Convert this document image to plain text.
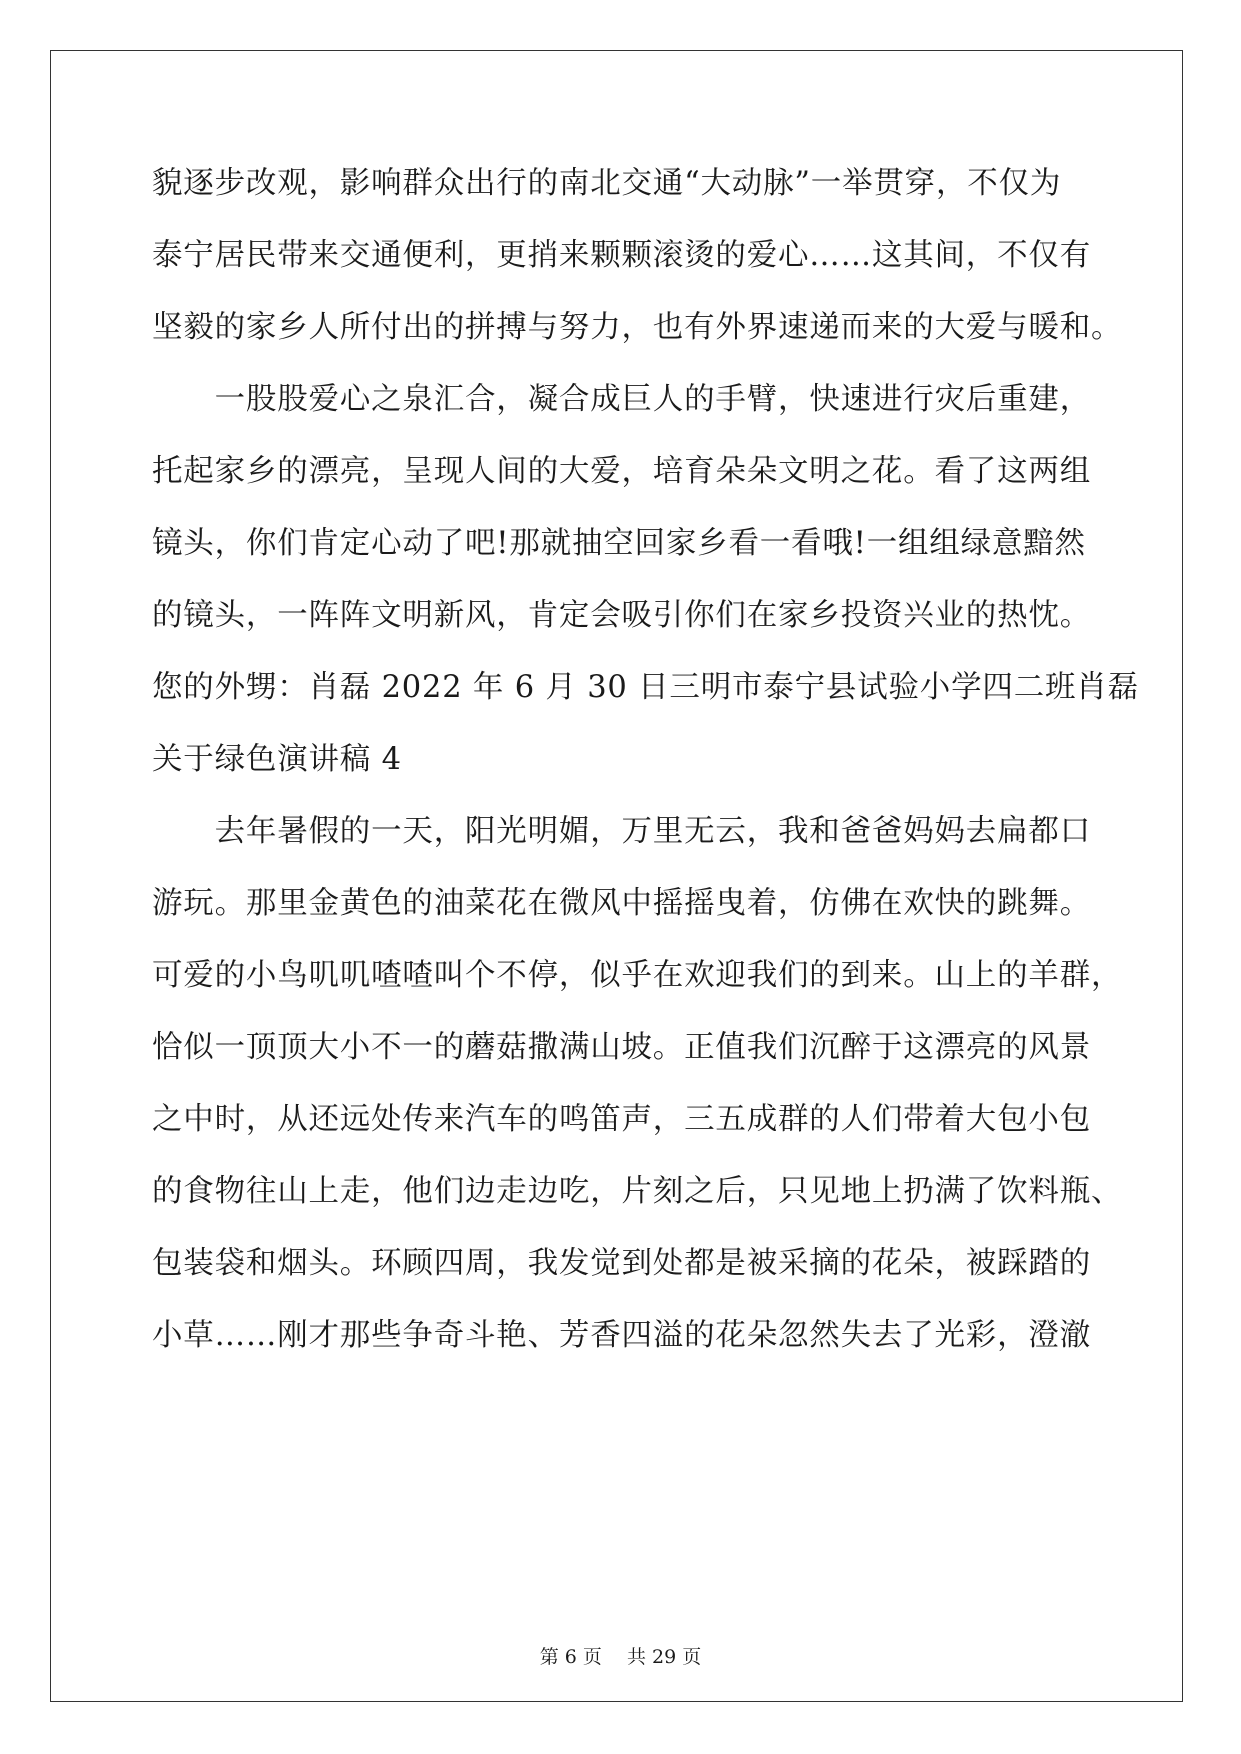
貌逐步改观，影响群众出行的南北交通“大动脉”一举贯穿，不仅为
泰宁居民带来交通便利，更捎来颗颗滚烫的爱心……这其间，不仅有
坚毅的家乡人所付出的拼搏与努力，也有外界速递而来的大爱与暖和。
　　一股股爱心之泉汇合，凝合成巨人的手臂，快速进行灾后重建，
托起家乡的漂亮，呈现人间的大爱，培育朵朵文明之花。看了这两组
镜头，你们肯定心动了吧!那就抽空回家乡看一看哦!一组组绿意黯然
的镜头，一阵阵文明新风，肯定会吸引你们在家乡投资兴业的热忱。
您的外甥：肖磊 2022 年 6 月 30 日三明市泰宁县试验小学四二班肖磊
关于绿色演讲稿 4
　　去年暑假的一天，阳光明媚，万里无云，我和爸爸妈妈去扁都口
游玩。那里金黄色的油菜花在微风中摇摇曳着，仿佛在欢快的跳舞。
可爱的小鸟叽叽喳喳叫个不停，似乎在欢迎我们的到来。山上的羊群，
恰似一顶顶大小不一的蘑菇撒满山坡。正值我们沉醉于这漂亮的风景
之中时，从还远处传来汽车的鸣笛声，三五成群的人们带着大包小包
的食物往山上走，他们边走边吃，片刻之后，只见地上扔满了饮料瓶、
包装袋和烟头。环顾四周，我发觉到处都是被采摘的花朵，被踩踏的
小草……刚才那些争奇斗艳、芳香四溢的花朵忽然失去了光彩，澄澈
第 6 页　 共 29 页
